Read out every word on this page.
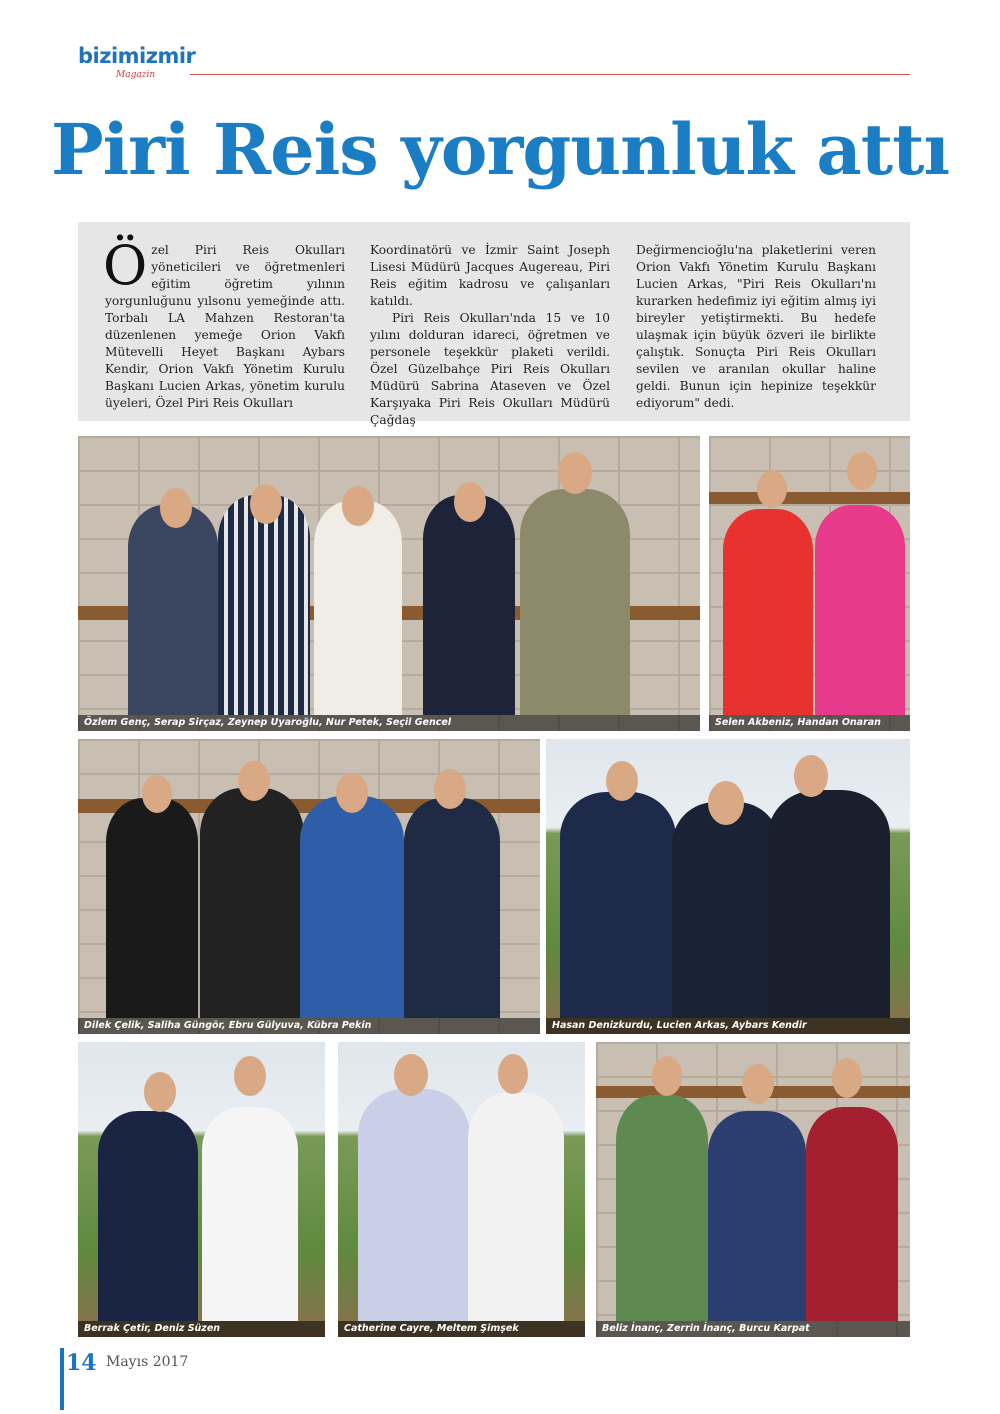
bizimizmir
Magazin
Piri Reis yorgunluk attı
Özel Piri Reis Okulları yöneticileri ve öğretmenleri eğitim öğretim yılının yorgunluğunu yılsonu yemeğinde attı. Torbalı LA Mahzen Restoran'ta düzenlenen yemeğe Orion Vakfı Mütevelli Heyet Başkanı Aybars Kendir, Orion Vakfı Yönetim Kurulu Başkanı Lucien Arkas, yönetim kurulu üyeleri, Özel Piri Reis Okulları
Koordinatörü ve İzmir Saint Joseph Lisesi Müdürü Jacques Augereau, Piri Reis eğitim kadrosu ve çalışanları katıldı.
Piri Reis Okulları'nda 15 ve 10 yılını dolduran idareci, öğretmen ve personele teşekkür plaketi verildi. Özel Güzelbahçe Piri Reis Okulları Müdürü Sabrina Ataseven ve Özel Karşıyaka Piri Reis Okulları Müdürü Çağdaş
Değirmencioğlu'na plaketlerini veren Orion Vakfı Yönetim Kurulu Başkanı Lucien Arkas, "Piri Reis Okulları'nı kurarken hedefimiz iyi eğitim almış iyi bireyler yetiştirmekti. Bu hedefe ulaşmak için büyük özveri ile birlikte çalıştık. Sonuçta Piri Reis Okulları sevilen ve aranılan okullar haline geldi. Bunun için hepinize teşekkür ediyorum" dedi.
Özlem Genç, Serap Sirçaz, Zeynep Uyaroğlu, Nur Petek, Seçil Gencel	Selen Akbeniz, Handan Onaran
Dilek Çelik, Saliha Güngör, Ebru Gülyuva, Kübra Pekin	Hasan Denizkurdu, Lucien Arkas, Aybars Kendir
Berrak Çetir, Deniz Süzen	Catherine Cayre, Meltem Şimşek	Beliz İnanç, Zerrin İnanç, Burcu Karpat
14 Mayıs 2017
